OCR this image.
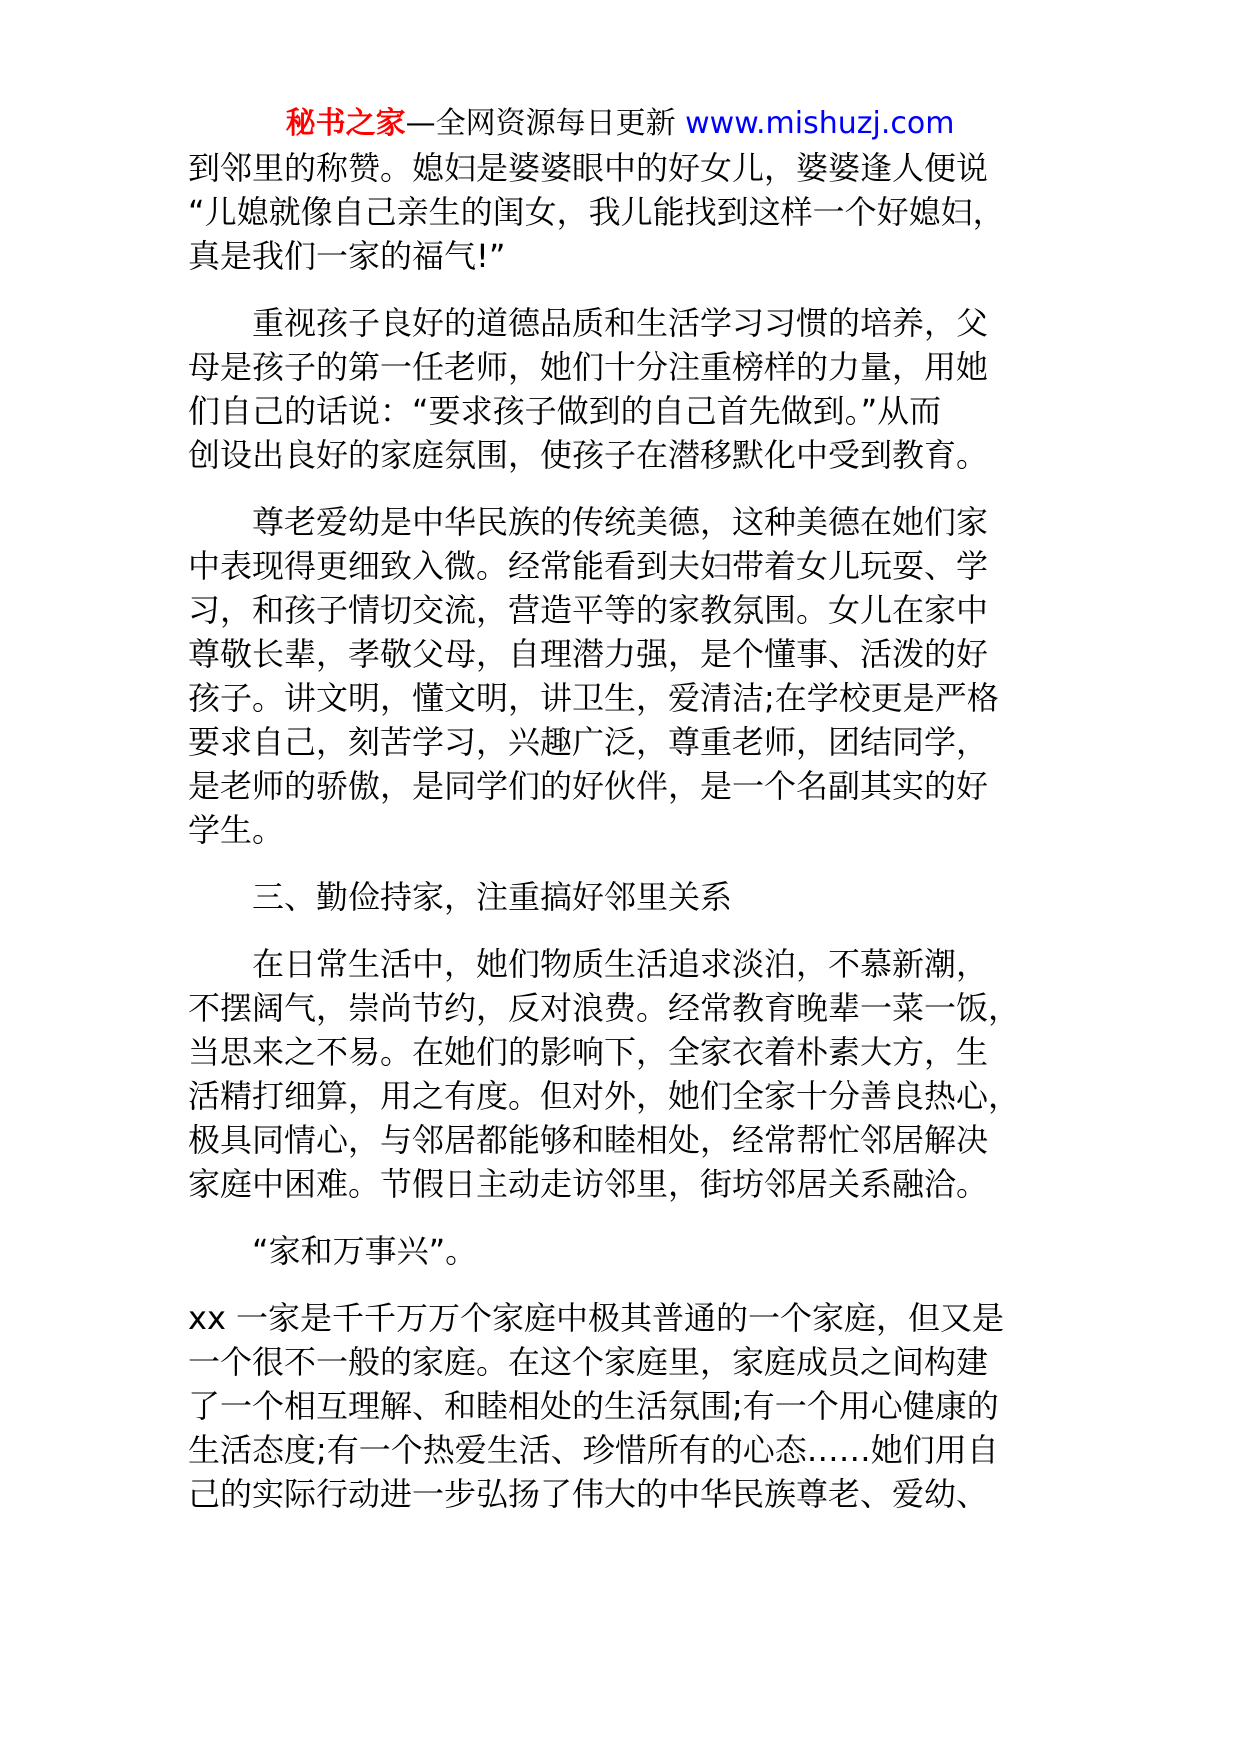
秘书之家—全网资源每日更新 www.mishuzj.com
到邻里的称赞。媳妇是婆婆眼中的好女儿，婆婆逢人便说
“儿媳就像自己亲生的闺女，我儿能找到这样一个好媳妇，
真是我们一家的福气!”
重视孩子良好的道德品质和生活学习习惯的培养，父
母是孩子的第一任老师，她们十分注重榜样的力量，用她
们自己的话说：“要求孩子做到的自己首先做到。”从而
创设出良好的家庭氛围，使孩子在潜移默化中受到教育。
尊老爱幼是中华民族的传统美德，这种美德在她们家
中表现得更细致入微。经常能看到夫妇带着女儿玩耍、学
习，和孩子情切交流，营造平等的家教氛围。女儿在家中
尊敬长辈，孝敬父母，自理潜力强，是个懂事、活泼的好
孩子。讲文明，懂文明，讲卫生，爱清洁;在学校更是严格
要求自己，刻苦学习，兴趣广泛，尊重老师，团结同学，
是老师的骄傲，是同学们的好伙伴，是一个名副其实的好
学生。
三、勤俭持家，注重搞好邻里关系
在日常生活中，她们物质生活追求淡泊，不慕新潮，
不摆阔气，崇尚节约，反对浪费。经常教育晚辈一菜一饭，
当思来之不易。在她们的影响下，全家衣着朴素大方，生
活精打细算，用之有度。但对外，她们全家十分善良热心，
极具同情心，与邻居都能够和睦相处，经常帮忙邻居解决
家庭中困难。节假日主动走访邻里，街坊邻居关系融洽。
“家和万事兴”。
xx 一家是千千万万个家庭中极其普通的一个家庭，但又是
一个很不一般的家庭。在这个家庭里，家庭成员之间构建
了一个相互理解、和睦相处的生活氛围;有一个用心健康的
生活态度;有一个热爱生活、珍惜所有的心态……她们用自
己的实际行动进一步弘扬了伟大的中华民族尊老、爱幼、
